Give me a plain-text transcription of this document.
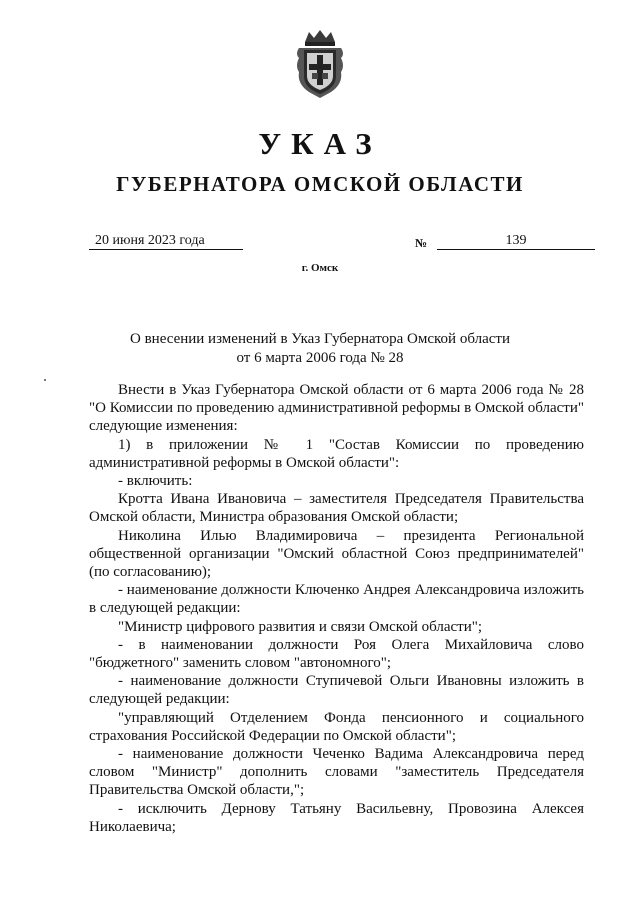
УКАЗ
ГУБЕРНАТОРА ОМСКОЙ ОБЛАСТИ
20 июня 2023 года	№	139
г. Омск
О внесении изменений в Указ Губернатора Омской области
от 6 марта 2006 года № 28

Внести в Указ Губернатора Омской области от 6 марта 2006 года № 28 "О Комиссии по проведению административной реформы в Омской области" следующие изменения:

1) в приложении № 1 "Состав Комиссии по проведению административной реформы в Омской области":

- включить:

Кротта Ивана Ивановича – заместителя Председателя Правительства Омской области, Министра образования Омской области;

Николина Илью Владимировича – президента Региональной общественной организации "Омский областной Союз предпринимателей" (по согласованию);

- наименование должности Ключенко Андрея Александровича изложить в следующей редакции:

"Министр цифрового развития и связи Омской области";

- в наименовании должности Роя Олега Михайловича слово "бюджетного" заменить словом "автономного";

- наименование должности Ступичевой Ольги Ивановны изложить в следующей редакции:

"управляющий Отделением Фонда пенсионного и социального страхования Российской Федерации по Омской области";

- наименование должности Чеченко Вадима Александровича перед словом "Министр" дополнить словами "заместитель Председателя Правительства Омской области,";

- исключить Дернову Татьяну Васильевну, Провозина Алексея Николаевича;
